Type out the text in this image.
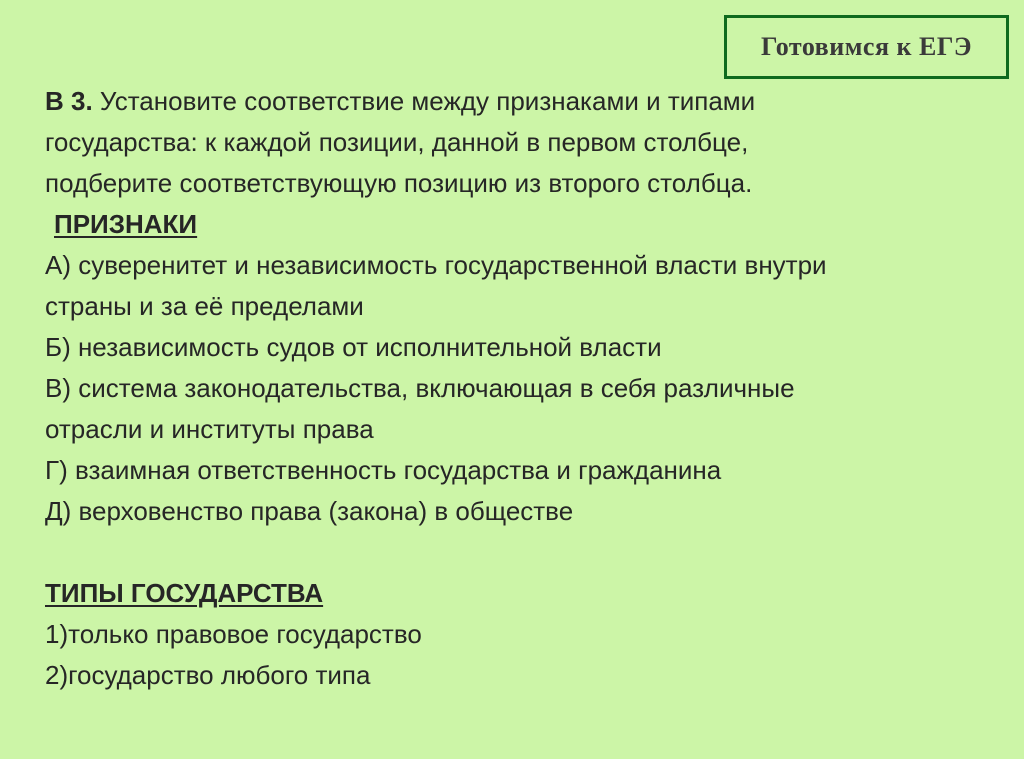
Готовимся к ЕГЭ
В 3. Установите соответствие между признаками и типами
государства: к каждой позиции, данной в первом столбце,
подберите соответствующую позицию из второго столбца.
ПРИЗНАКИ
А) суверенитет и независимость государственной власти внутри
страны и за её пределами
Б) независимость судов от исполнительной власти
В) система законодательства, включающая в себя различные
отрасли и институты права
Г) взаимная ответственность государства и гражданина
Д) верховенство права (закона) в обществе
ТИПЫ ГОСУДАРСТВА
1)только правовое государство
2)государство любого типа
